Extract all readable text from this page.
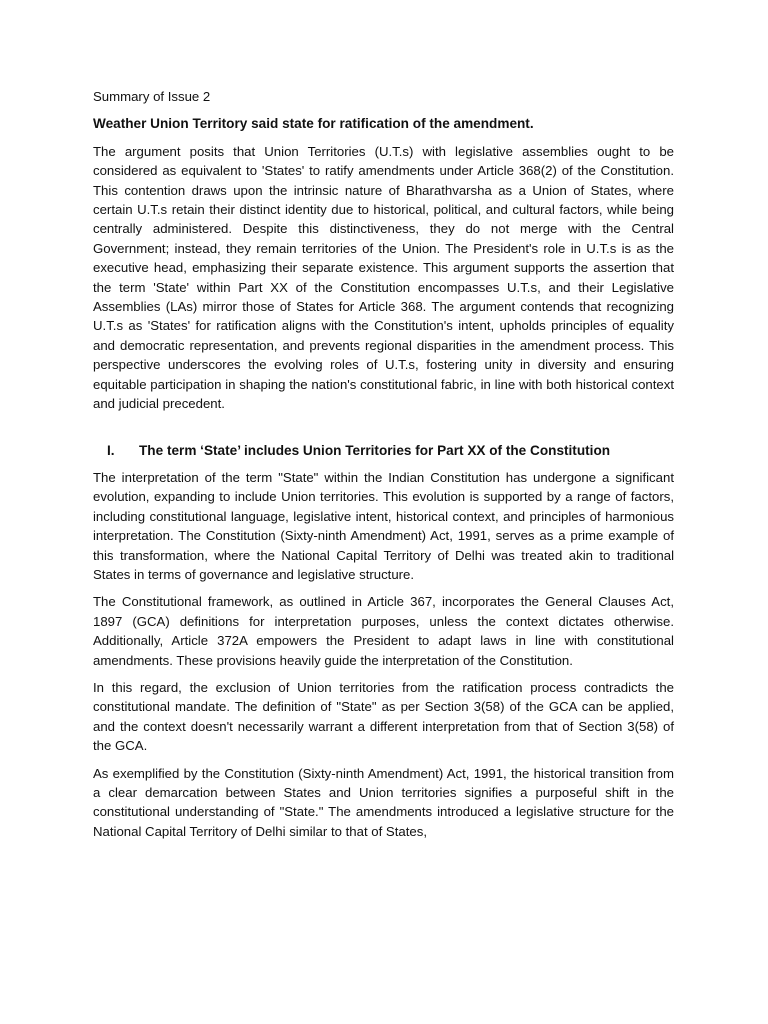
Summary of Issue 2
Weather Union Territory said state for ratification of the amendment.

The argument posits that Union Territories (U.T.s) with legislative assemblies ought to be considered as equivalent to 'States' to ratify amendments under Article 368(2) of the Constitution. This contention draws upon the intrinsic nature of Bharathvarsha as a Union of States, where certain U.T.s retain their distinct identity due to historical, political, and cultural factors, while being centrally administered. Despite this distinctiveness, they do not merge with the Central Government; instead, they remain territories of the Union. The President's role in U.T.s is as the executive head, emphasizing their separate existence. This argument supports the assertion that the term 'State' within Part XX of the Constitution encompasses U.T.s, and their Legislative Assemblies (LAs) mirror those of States for Article 368. The argument contends that recognizing U.T.s as 'States' for ratification aligns with the Constitution's intent, upholds principles of equality and democratic representation, and prevents regional disparities in the amendment process. This perspective underscores the evolving roles of U.T.s, fostering unity in diversity and ensuring equitable participation in shaping the nation's constitutional fabric, in line with both historical context and judicial precedent.

I.	The term ‘State’ includes Union Territories for Part XX of the Constitution

The interpretation of the term "State" within the Indian Constitution has undergone a significant evolution, expanding to include Union territories. This evolution is supported by a range of factors, including constitutional language, legislative intent, historical context, and principles of harmonious interpretation. The Constitution (Sixty-ninth Amendment) Act, 1991, serves as a prime example of this transformation, where the National Capital Territory of Delhi was treated akin to traditional States in terms of governance and legislative structure.

The Constitutional framework, as outlined in Article 367, incorporates the General Clauses Act, 1897 (GCA) definitions for interpretation purposes, unless the context dictates otherwise. Additionally, Article 372A empowers the President to adapt laws in line with constitutional amendments. These provisions heavily guide the interpretation of the Constitution.

In this regard, the exclusion of Union territories from the ratification process contradicts the constitutional mandate. The definition of "State" as per Section 3(58) of the GCA can be applied, and the context doesn't necessarily warrant a different interpretation from that of Section 3(58) of the GCA.

As exemplified by the Constitution (Sixty-ninth Amendment) Act, 1991, the historical transition from a clear demarcation between States and Union territories signifies a purposeful shift in the constitutional understanding of "State." The amendments introduced a legislative structure for the National Capital Territory of Delhi similar to that of States,
